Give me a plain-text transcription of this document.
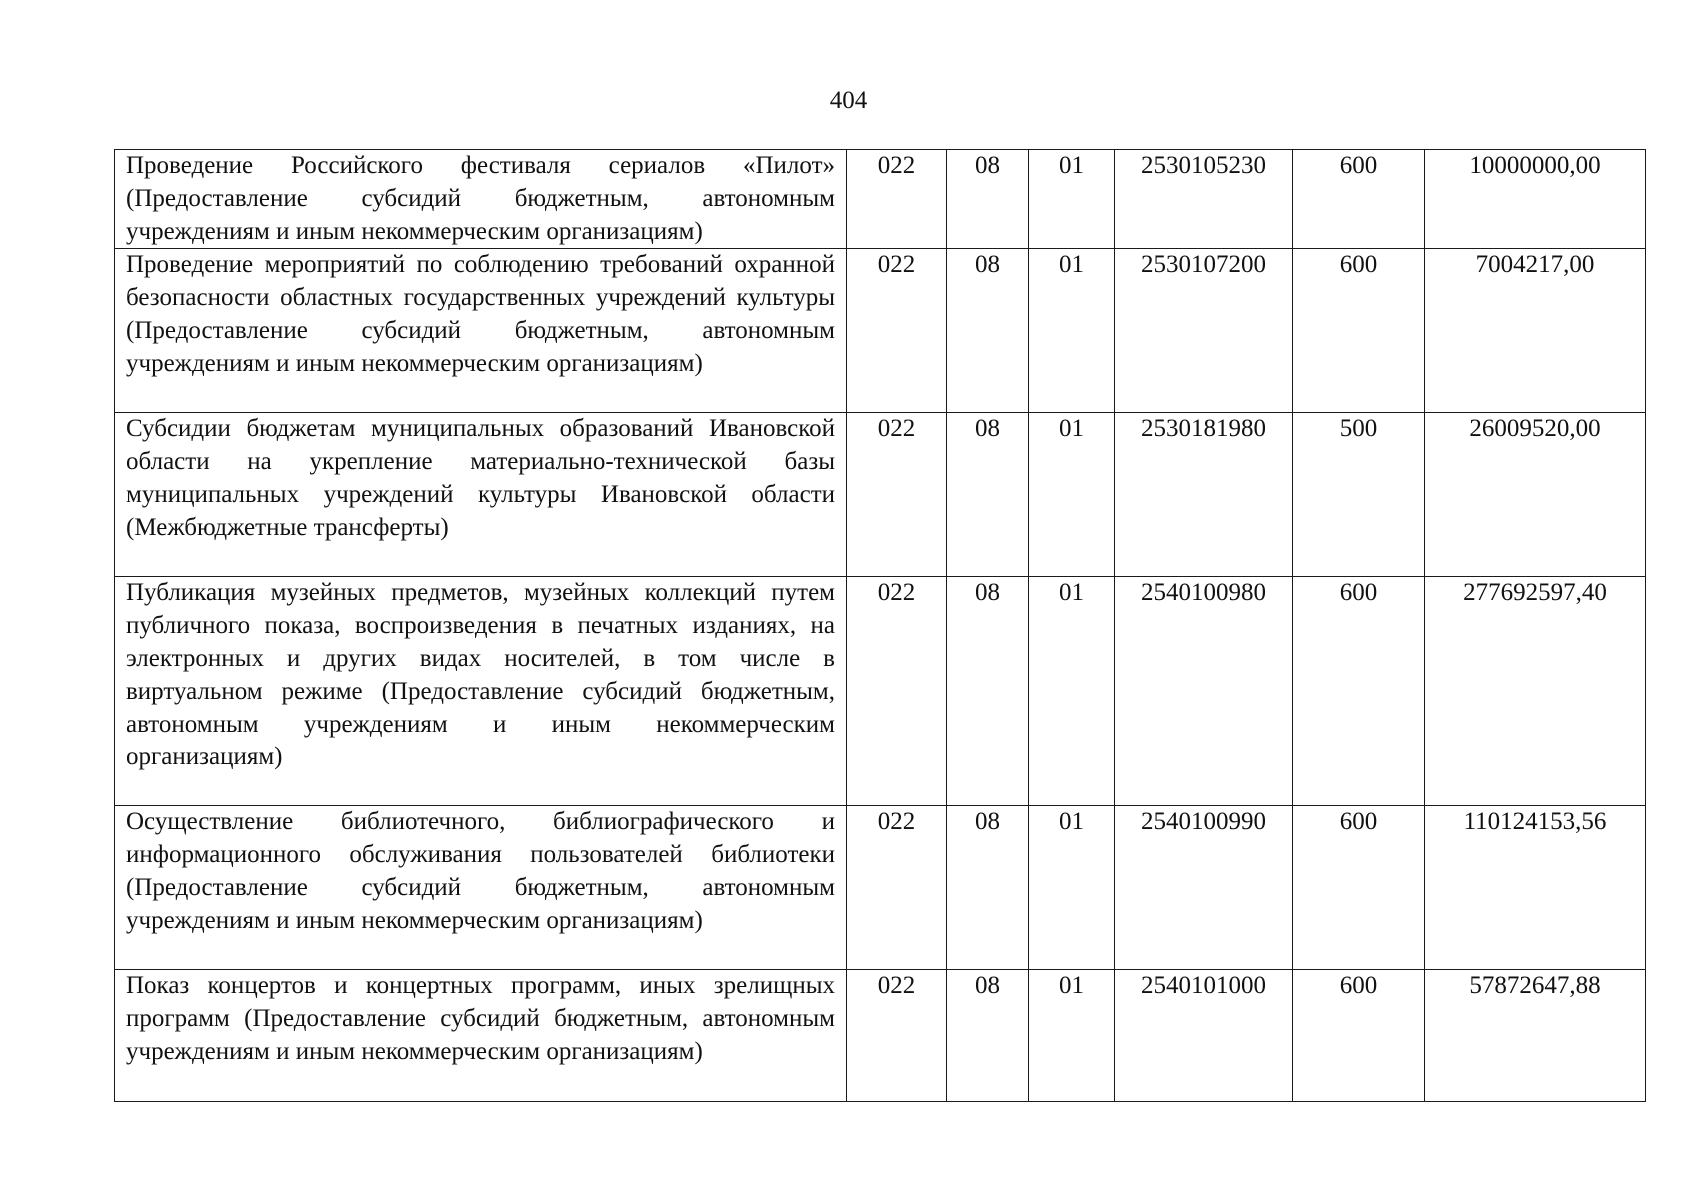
404
Проведение Российского фестиваля сериалов «Пилот» (Предоставление субсидий бюджетным, автономным учреждениям и иным некоммерческим организациям)	022	08	01	2530105230	600	10000000,00
Проведение мероприятий по соблюдению требований охранной безопасности областных государственных учреждений культуры (Предоставление субсидий бюджетным, автономным учреждениям и иным некоммерческим организациям)	022	08	01	2530107200	600	7004217,00
Субсидии бюджетам муниципальных образований Ивановской области на укрепление материально-технической базы муниципальных учреждений культуры Ивановской области (Межбюджетные трансферты)	022	08	01	2530181980	500	26009520,00
Публикация музейных предметов, музейных коллекций путем публичного показа, воспроизведения в печатных изданиях, на электронных и других видах носителей, в том числе в виртуальном режиме (Предоставление субсидий бюджетным, автономным учреждениям и иным некоммерческим организациям)	022	08	01	2540100980	600	277692597,40
Осуществление библиотечного, библиографического и информационного обслуживания пользователей библиотеки (Предоставление субсидий бюджетным, автономным учреждениям и иным некоммерческим организациям)	022	08	01	2540100990	600	110124153,56
Показ концертов и концертных программ, иных зрелищных программ (Предоставление субсидий бюджетным, автономным учреждениям и иным некоммерческим организациям)	022	08	01	2540101000	600	57872647,88
